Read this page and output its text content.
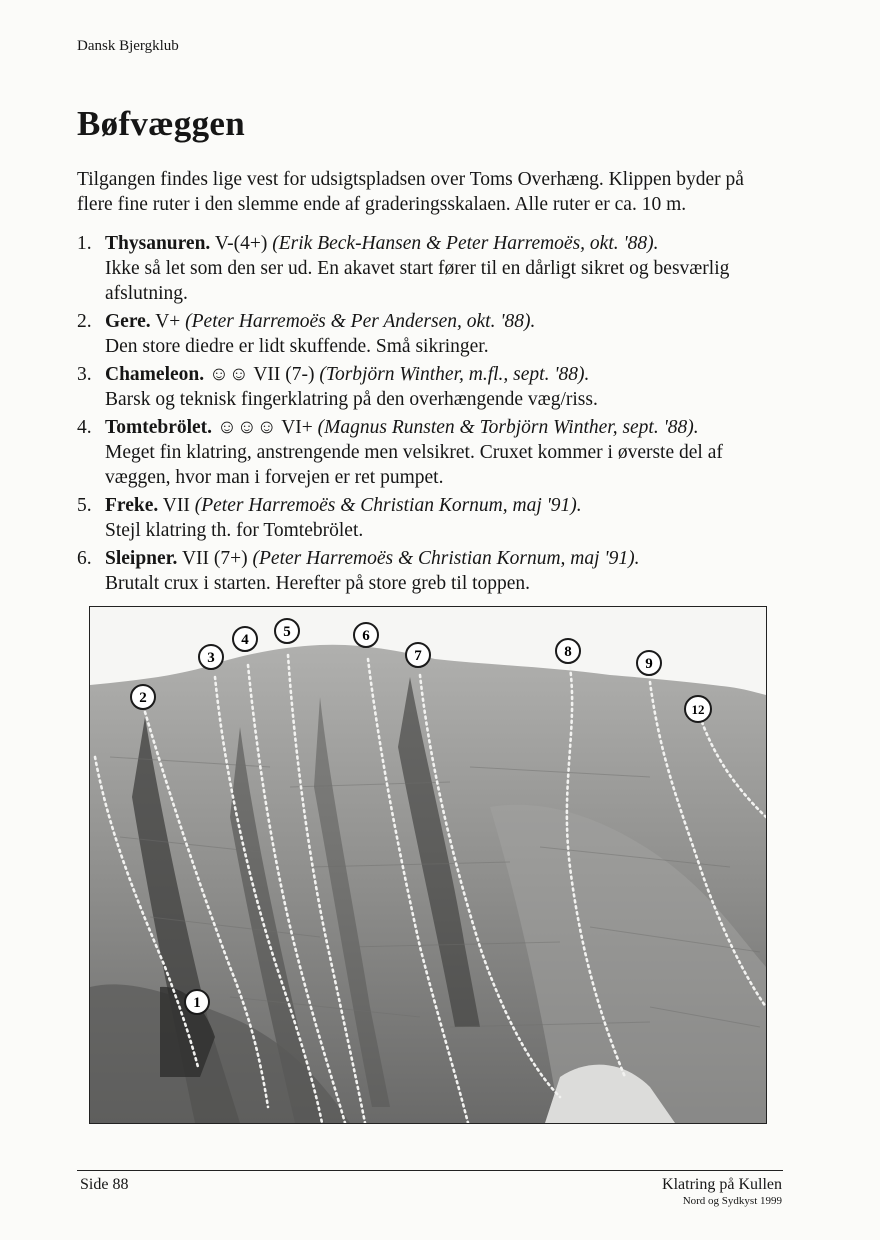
Dansk Bjergklub
Bøfvæggen

Tilgangen findes lige vest for udsigtspladsen over Toms Overhæng. Klippen byder på flere fine ruter i den slemme ende af graderingsskalaen. Alle ruter er ca. 10 m.

1. Thysanuren. V-(4+) (Erik Beck-Hansen & Peter Harremoës, okt. '88).
Ikke så let som den ser ud. En akavet start fører til en dårligt sikret og besværlig afslutning.
2. Gere. V+ (Peter Harremoës & Per Andersen, okt. '88).
Den store diedre er lidt skuffende. Små sikringer.
3. Chameleon. ☺☺ VII (7-) (Torbjörn Winther, m.fl., sept. '88).
Barsk og teknisk fingerklatring på den overhængende væg/riss.
4. Tomtebrölet. ☺☺☺ VI+ (Magnus Runsten & Torbjörn Winther, sept. '88).
Meget fin klatring, anstrengende men velsikret. Cruxet kommer i øverste del af væggen, hvor man i forvejen er ret pumpet.
5. Freke. VII (Peter Harremoës & Christian Kornum, maj '91).
Stejl klatring th. for Tomtebrölet.
6. Sleipner. VII (7+) (Peter Harremoës & Christian Kornum, maj '91).
Brutalt crux i starten. Herefter på store greb til toppen.
1
2
3
4 5	6
7	8
9
12
Side 88	Klatring på Kullen
Nord og Sydkyst 1999
